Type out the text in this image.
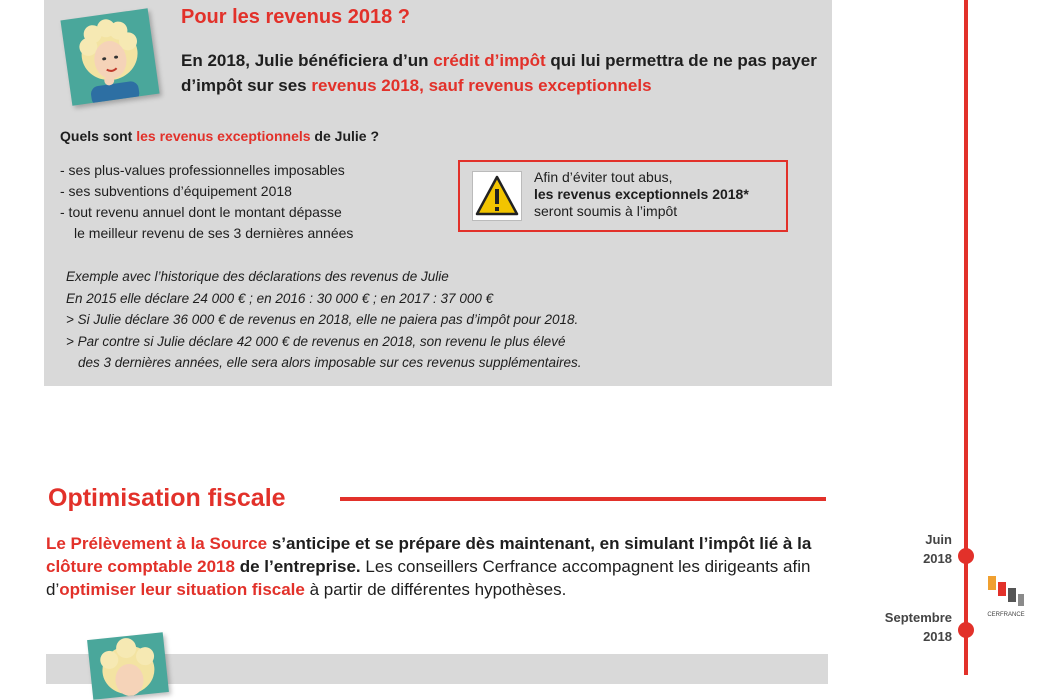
Pour les revenus 2018 ?
En 2018, Julie bénéficiera d’un crédit d’impôt qui lui permettra de ne pas payer d’impôt sur ses revenus 2018, sauf revenus exceptionnels
Quels sont les revenus exceptionnels de Julie ?
- ses plus-values professionnelles imposables
- ses subventions d’équipement 2018
- tout revenu annuel dont le montant dépasse
le meilleur revenu de ses 3 dernières années
Afin d’éviter tout abus,
les revenus exceptionnels 2018*
seront soumis à l’impôt
Exemple avec l’historique des déclarations des revenus de Julie
En 2015 elle déclare 24 000 € ; en 2016 : 30 000 € ; en 2017 : 37 000 €
> Si Julie déclare 36 000 € de revenus en 2018, elle ne paiera pas d’impôt pour 2018.
> Par contre si Julie déclare 42 000 € de revenus en 2018, son revenu le plus élevé
des 3 dernières années, elle sera alors imposable sur ces revenus supplémentaires.
Optimisation fiscale
Le Prélèvement à la Source s’anticipe et se prépare dès maintenant, en simulant l’impôt lié à la clôture comptable 2018 de l’entreprise. Les conseillers Cerfrance accompagnent les dirigeants afin d’optimiser leur situation fiscale à partir de différentes hypothèses.
Juin
2018
Septembre
2018
CERFRANCE
